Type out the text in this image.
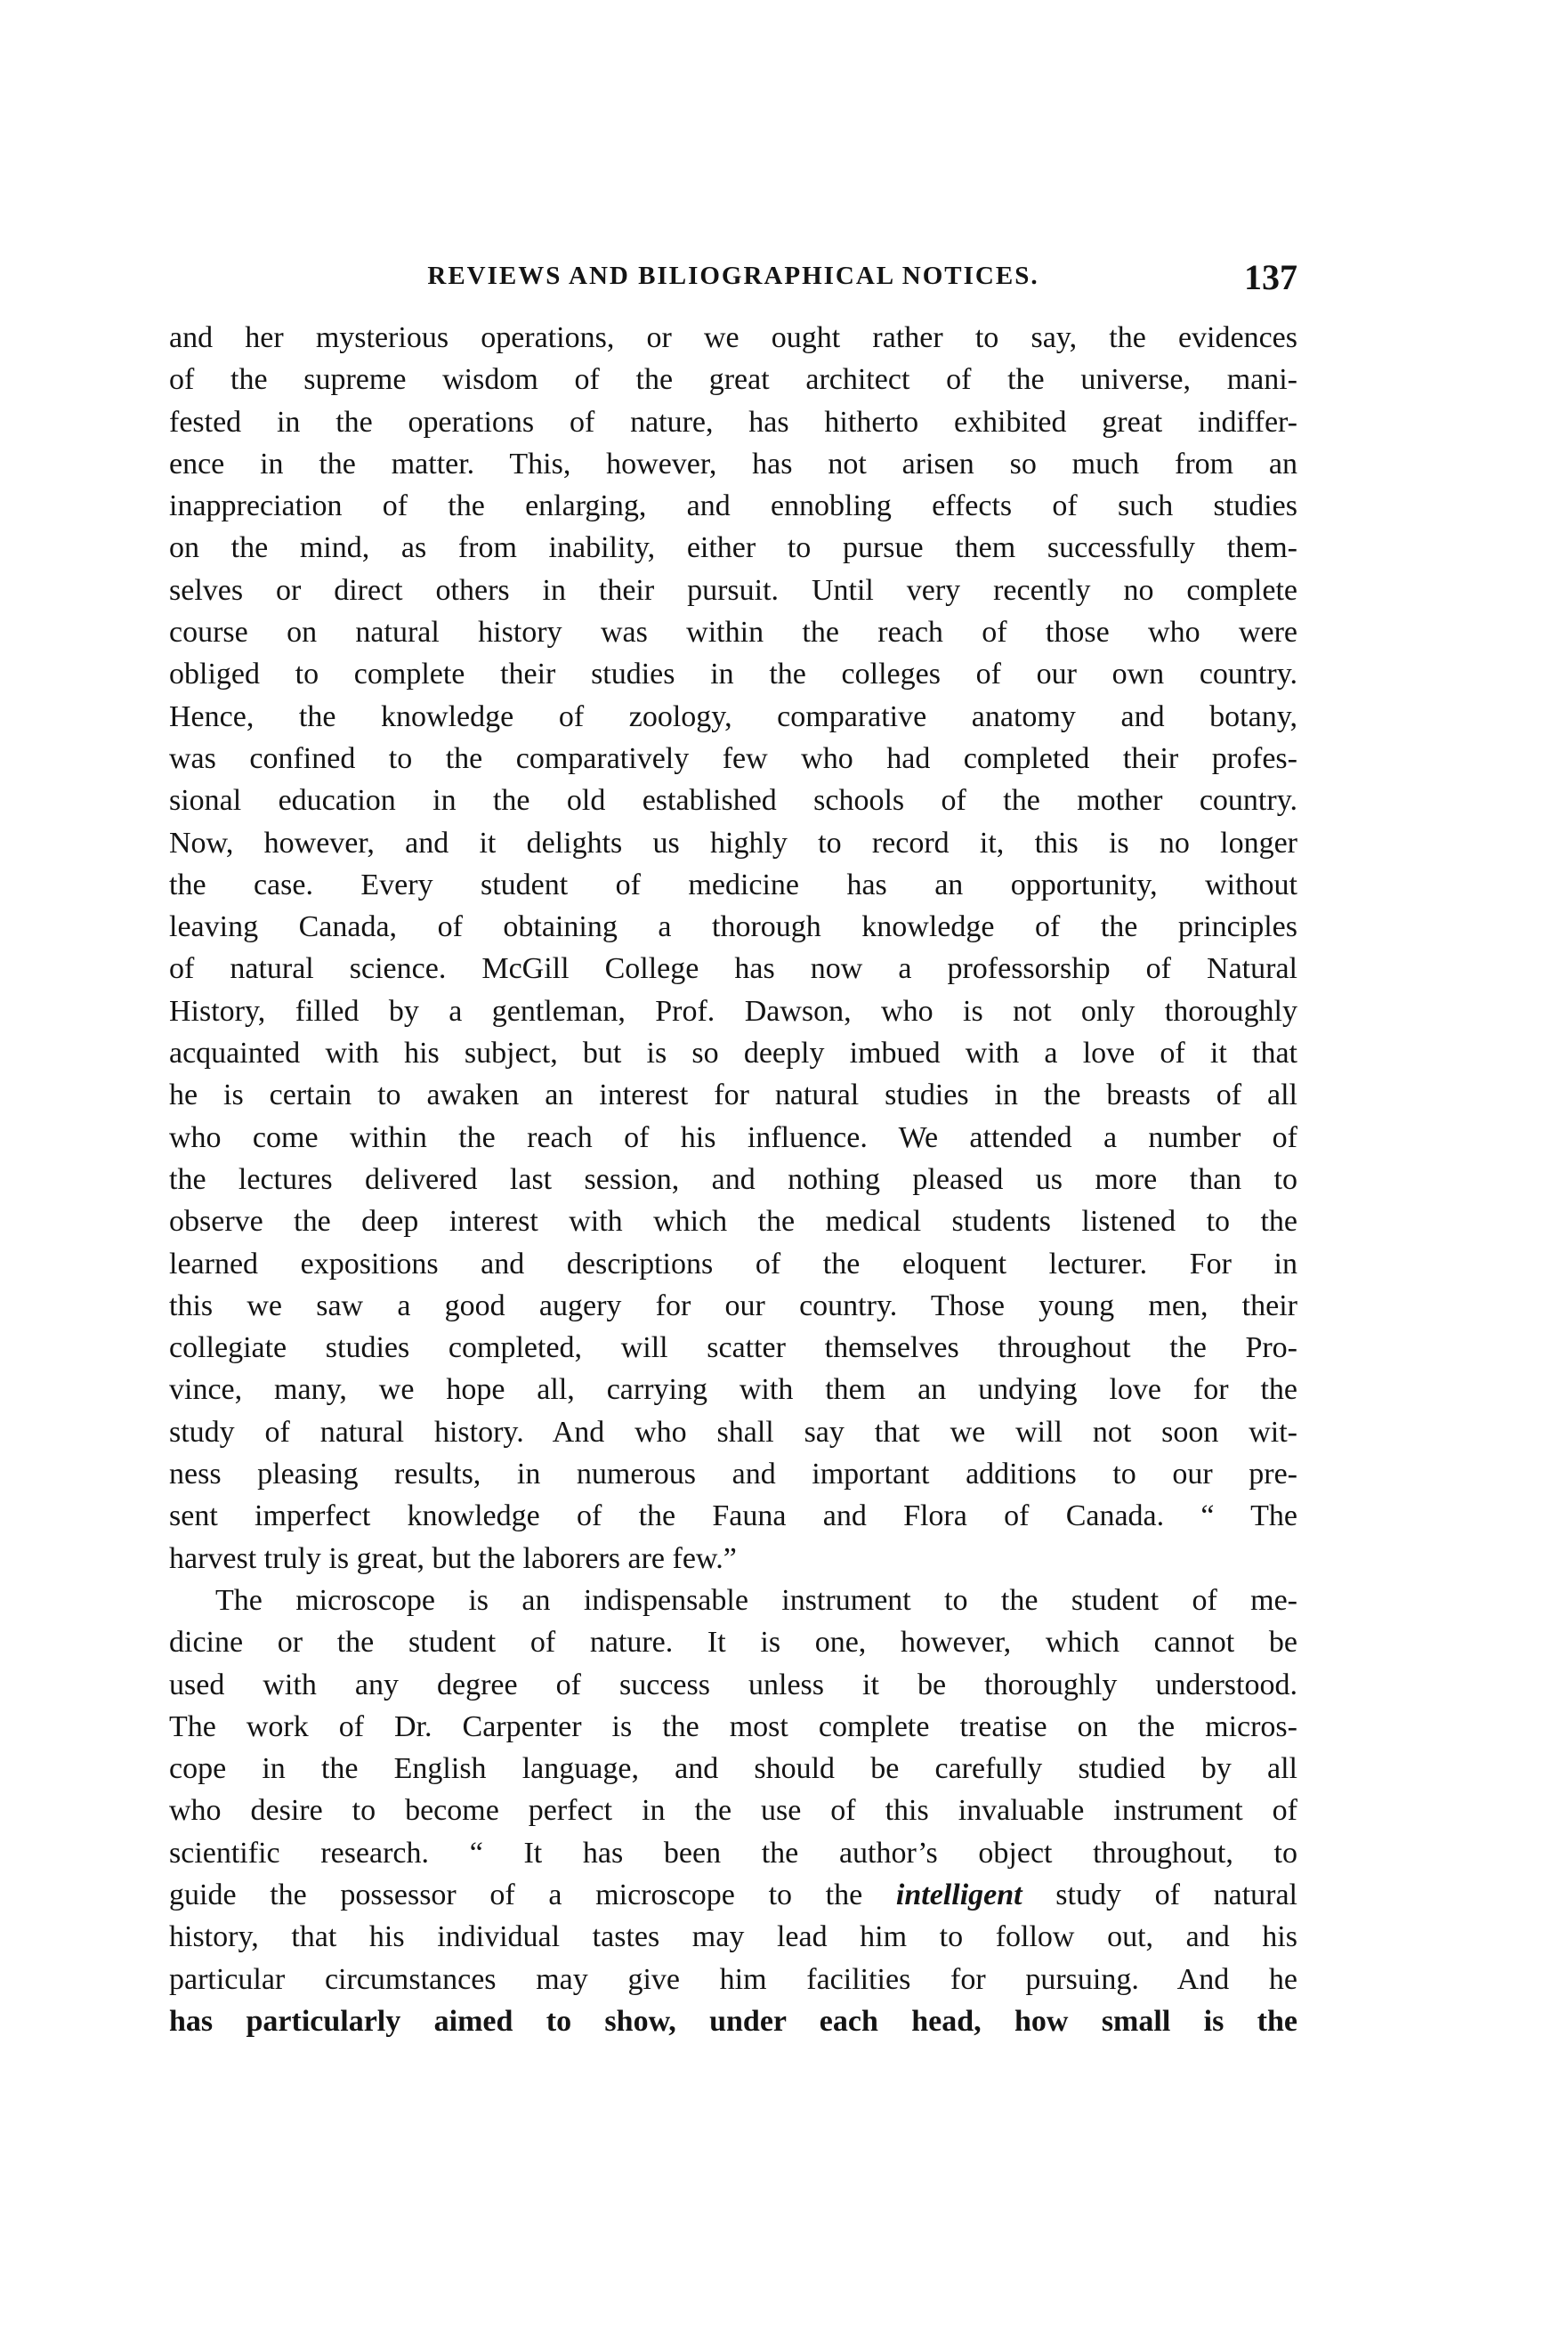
REVIEWS AND BILIOGRAPHICAL NOTICES.	137
and her mysterious operations, or we ought rather to say, the evidences
of the supreme wisdom of the great architect of the universe, mani-
fested in the operations of nature, has hitherto exhibited great indiffer-
ence in the matter. This, however, has not arisen so much from an
inappreciation of the enlarging, and ennobling effects of such studies
on the mind, as from inability, either to pursue them successfully them-
selves or direct others in their pursuit. Until very recently no complete
course on natural history was within the reach of those who were
obliged to complete their studies in the colleges of our own country.
Hence, the knowledge of zoology, comparative anatomy and botany,
was confined to the comparatively few who had completed their profes-
sional education in the old established schools of the mother country.
Now, however, and it delights us highly to record it, this is no longer
the case. Every student of medicine has an opportunity, without
leaving Canada, of obtaining a thorough knowledge of the principles
of natural science. McGill College has now a professorship of Natural
History, filled by a gentleman, Prof. Dawson, who is not only thoroughly
acquainted with his subject, but is so deeply imbued with a love of it that
he is certain to awaken an interest for natural studies in the breasts of all
who come within the reach of his influence. We attended a number of
the lectures delivered last session, and nothing pleased us more than to
observe the deep interest with which the medical students listened to the
learned expositions and descriptions of the eloquent lecturer. For in
this we saw a good augery for our country. Those young men, their
collegiate studies completed, will scatter themselves throughout the Pro-
vince, many, we hope all, carrying with them an undying love for the
study of natural history. And who shall say that we will not soon wit-
ness pleasing results, in numerous and important additions to our pre-
sent imperfect knowledge of the Fauna and Flora of Canada. “ The
harvest truly is great, but the laborers are few.”
The microscope is an indispensable instrument to the student of me-
dicine or the student of nature. It is one, however, which cannot be
used with any degree of success unless it be thoroughly understood.
The work of Dr. Carpenter is the most complete treatise on the micros-
cope in the English language, and should be carefully studied by all
who desire to become perfect in the use of this invaluable instrument of
scientific research. “ It has been the author’s object throughout, to
guide the possessor of a microscope to the intelligent study of natural
history, that his individual tastes may lead him to follow out, and his
particular circumstances may give him facilities for pursuing. And he
has particularly aimed to show, under each head, how small is the
